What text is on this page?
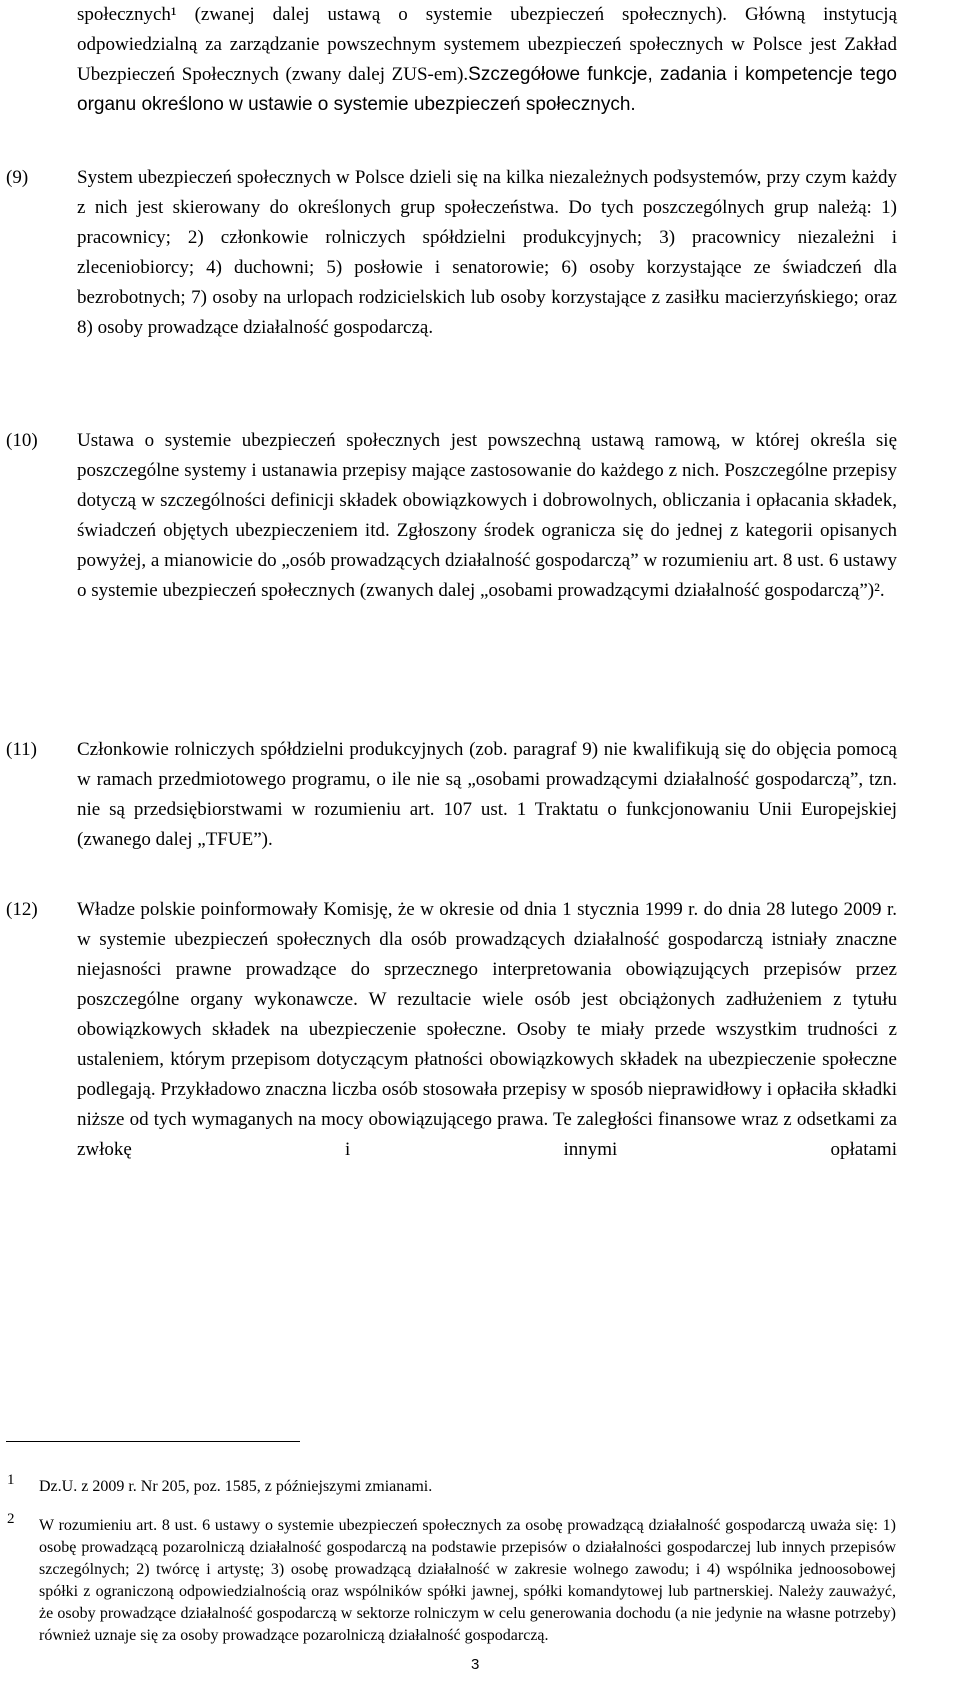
społecznych¹ (zwanej dalej ustawą o systemie ubezpieczeń społecznych). Główną instytucją odpowiedzialną za zarządzanie powszechnym systemem ubezpieczeń społecznych w Polsce jest Zakład Ubezpieczeń Społecznych (zwany dalej ZUS-em).Szczegółowe funkcje, zadania i kompetencje tego organu określono w ustawie o systemie ubezpieczeń społecznych.
(9)	System ubezpieczeń społecznych w Polsce dzieli się na kilka niezależnych podsystemów, przy czym każdy z nich jest skierowany do określonych grup społeczeństwa. Do tych poszczególnych grup należą: 1) pracownicy; 2) członkowie rolniczych spółdzielni produkcyjnych; 3) pracownicy niezależni i zleceniobiorcy; 4) duchowni; 5) posłowie i senatorowie; 6) osoby korzystające ze świadczeń dla bezrobotnych; 7) osoby na urlopach rodzicielskich lub osoby korzystające z zasiłku macierzyńskiego; oraz 8) osoby prowadzące działalność gospodarczą.
(10) Ustawa o systemie ubezpieczeń społecznych jest powszechną ustawą ramową, w której określa się poszczególne systemy i ustanawia przepisy mające zastosowanie do każdego z nich. Poszczególne przepisy dotyczą w szczególności definicji składek obowiązkowych i dobrowolnych, obliczania i opłacania składek, świadczeń objętych ubezpieczeniem itd. Zgłoszony środek ogranicza się do jednej z kategorii opisanych powyżej, a mianowicie do „osób prowadzących działalność gospodarczą” w rozumieniu art. 8 ust. 6 ustawy o systemie ubezpieczeń społecznych (zwanych dalej „osobami prowadzącymi działalność gospodarczą”)².
(11) Członkowie rolniczych spółdzielni produkcyjnych (zob. paragraf 9) nie kwalifikują się do objęcia pomocą w ramach przedmiotowego programu, o ile nie są „osobami prowadzącymi działalność gospodarczą”, tzn. nie są przedsiębiorstwami w rozumieniu art. 107 ust. 1 Traktatu o funkcjonowaniu Unii Europejskiej (zwanego dalej „TFUE”).
(12) Władze polskie poinformowały Komisję, że w okresie od dnia 1 stycznia 1999 r. do dnia 28 lutego 2009 r. w systemie ubezpieczeń społecznych dla osób prowadzących działalność gospodarczą istniały znaczne niejasności prawne prowadzące do sprzecznego interpretowania obowiązujących przepisów przez poszczególne organy wykonawcze. W rezultacie wiele osób jest obciążonych zadłużeniem z tytułu obowiązkowych składek na ubezpieczenie społeczne. Osoby te miały przede wszystkim trudności z ustaleniem, którym przepisom dotyczącym płatności obowiązkowych składek na ubezpieczenie społeczne podlegają. Przykładowo znaczna liczba osób stosowała przepisy w sposób nieprawidłowy i opłaciła składki niższe od tych wymaganych na mocy obowiązującego prawa. Te zaległości finansowe wraz z odsetkami za zwłokę i innymi opłatami
1 Dz.U. z 2009 r. Nr 205, poz. 1585, z późniejszymi zmianami.
2 W rozumieniu art. 8 ust. 6 ustawy o systemie ubezpieczeń społecznych za osobę prowadzącą działalność gospodarczą uważa się: 1) osobę prowadzącą pozarolniczą działalność gospodarczą na podstawie przepisów o działalności gospodarczej lub innych przepisów szczególnych; 2) twórcę i artystę; 3) osobę prowadzącą działalność w zakresie wolnego zawodu; i 4) wspólnika jednoosobowej spółki z ograniczoną odpowiedzialnością oraz wspólników spółki jawnej, spółki komandytowej lub partnerskiej. Należy zauważyć, że osoby prowadzące działalność gospodarczą w sektorze rolniczym w celu generowania dochodu (a nie jedynie na własne potrzeby) również uznaje się za osoby prowadzące pozarolniczą działalność gospodarczą.
3
